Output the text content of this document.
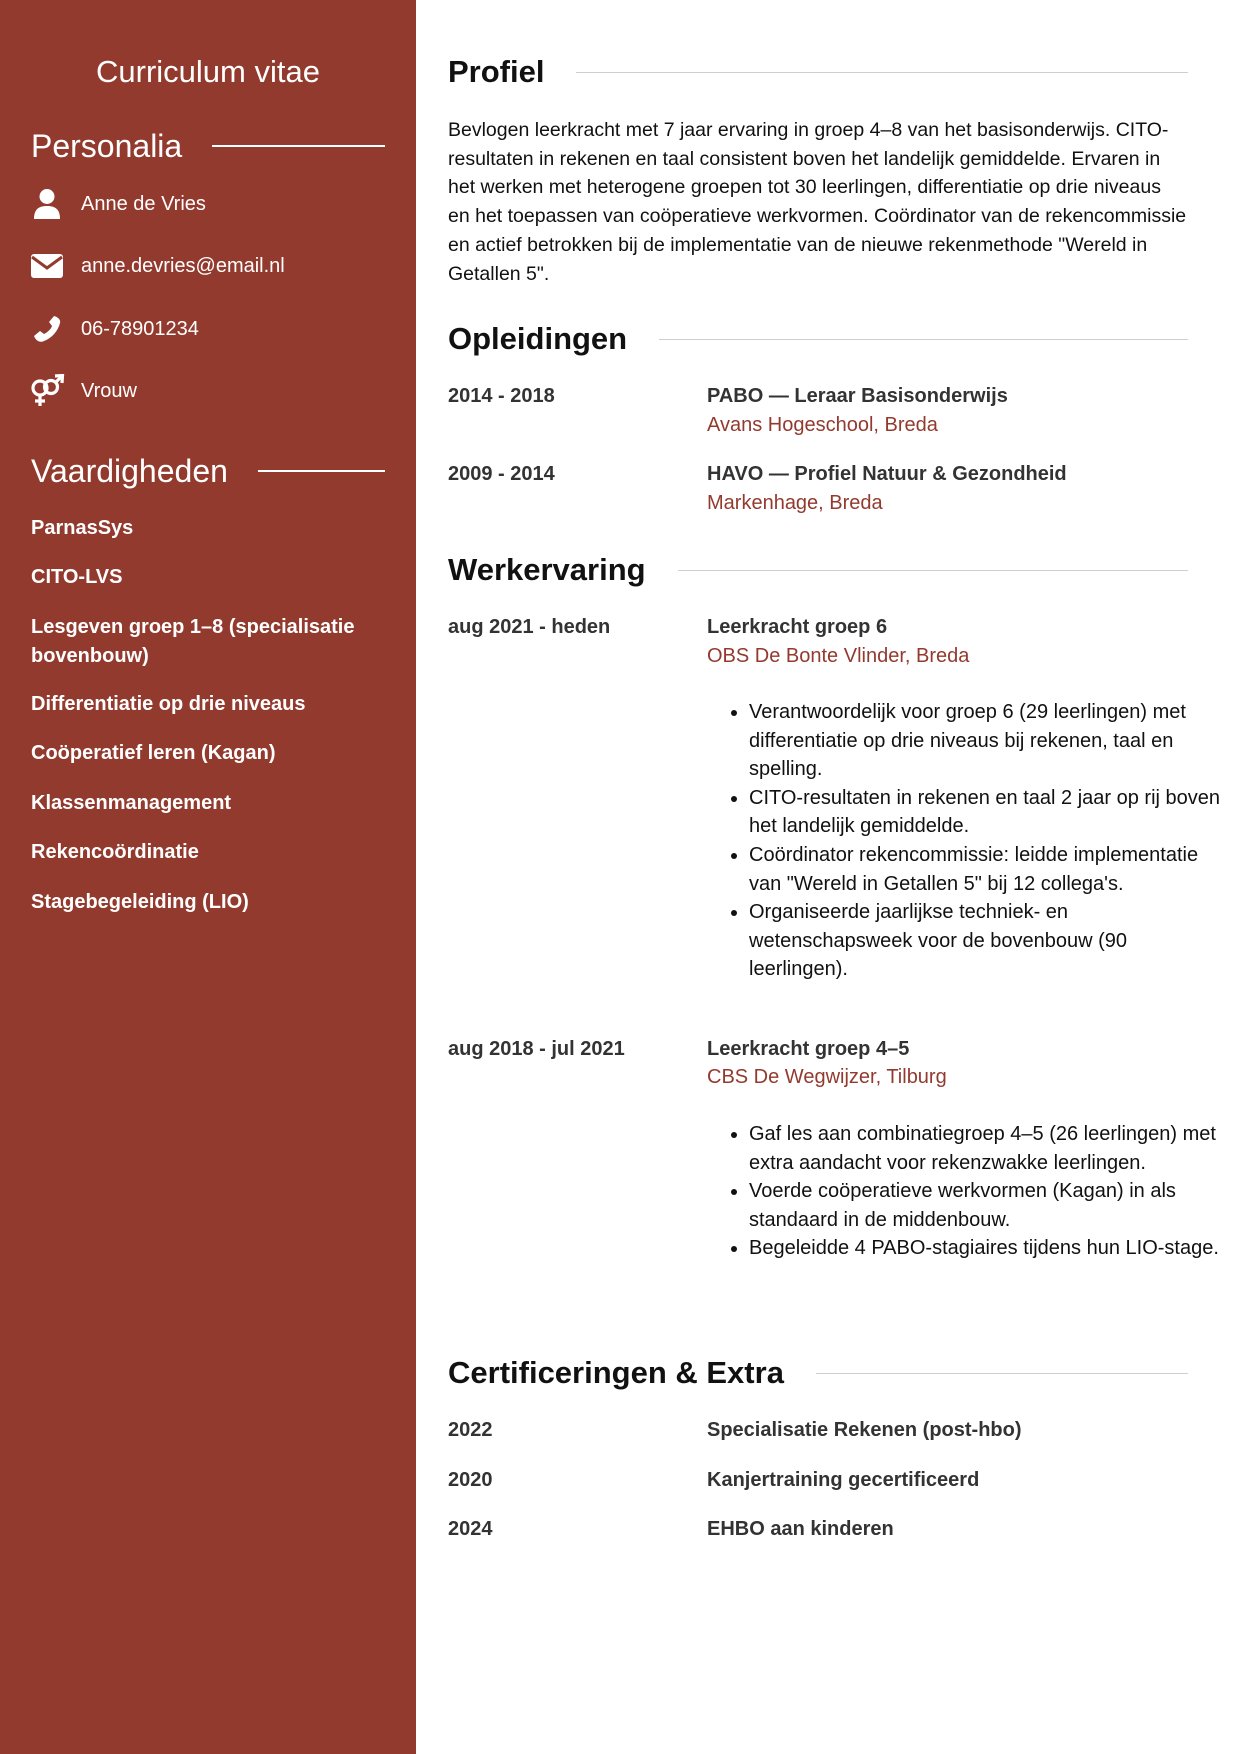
Curriculum vitae
Personalia
Anne de Vries
anne.devries@email.nl
06-78901234
Vrouw
Vaardigheden
ParnasSys
CITO-LVS
Lesgeven groep 1–8 (specialisatie bovenbouw)
Differentiatie op drie niveaus
Coöperatief leren (Kagan)
Klassenmanagement
Rekencoördinatie
Stagebegeleiding (LIO)
Profiel
Bevlogen leerkracht met 7 jaar ervaring in groep 4–8 van het basisonderwijs. CITO-resultaten in rekenen en taal consistent boven het landelijk gemiddelde. Ervaren in het werken met heterogene groepen tot 30 leerlingen, differentiatie op drie niveaus en het toepassen van coöperatieve werkvormen. Coördinator van de rekencommissie en actief betrokken bij de implementatie van de nieuwe rekenmethode "Wereld in Getallen 5".
Opleidingen
2014 - 2018	PABO — Leraar Basisonderwijs
Avans Hogeschool, Breda
2009 - 2014	HAVO — Profiel Natuur & Gezondheid
Markenhage, Breda
Werkervaring
aug 2021 - heden	Leerkracht groep 6
OBS De Bonte Vlinder, Breda
• Verantwoordelijk voor groep 6 (29 leerlingen) met differentiatie op drie niveaus bij rekenen, taal en spelling.
• CITO-resultaten in rekenen en taal 2 jaar op rij boven het landelijk gemiddelde.
• Coördinator rekencommissie: leidde implementatie van "Wereld in Getallen 5" bij 12 collega's.
• Organiseerde jaarlijkse techniek- en wetenschapsweek voor de bovenbouw (90 leerlingen).
aug 2018 - jul 2021	Leerkracht groep 4–5
CBS De Wegwijzer, Tilburg
• Gaf les aan combinatiegroep 4–5 (26 leerlingen) met extra aandacht voor rekenzwakke leerlingen.
• Voerde coöperatieve werkvormen (Kagan) in als standaard in de middenbouw.
• Begeleidde 4 PABO-stagiaires tijdens hun LIO-stage.
Certificeringen & Extra
2022	Specialisatie Rekenen (post-hbo)
2020	Kanjertraining gecertificeerd
2024	EHBO aan kinderen
